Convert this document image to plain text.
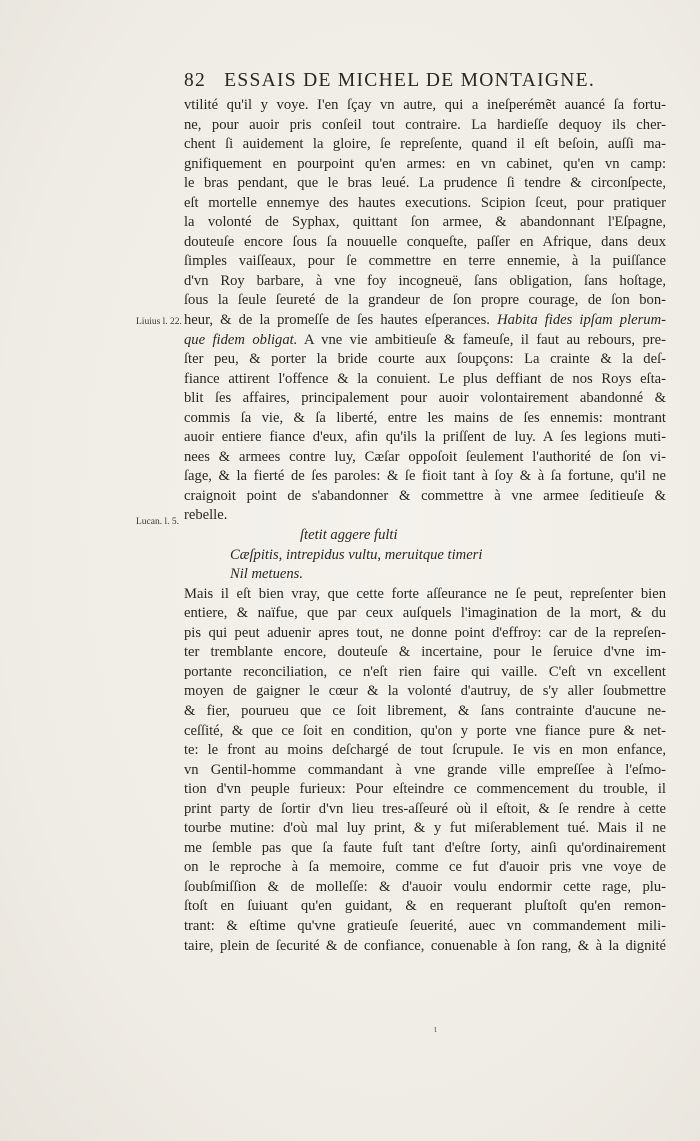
82 ESSAIS DE MICHEL DE MONTAIGNE.
Liuius l. 22.
Lucan. l. 5.
vtilité qu'il y voye. I'en ſçay vn autre, qui a ineſperémẽt auancé ſa fortu-
ne, pour auoir pris conſeil tout contraire. La hardieſſe dequoy ils cher-
chent ſi auidement la gloire, ſe repreſente, quand il eſt beſoin, auſſi ma-
gnifiquement en pourpoint qu'en armes: en vn cabinet, qu'en vn camp:
le bras pendant, que le bras leué. La prudence ſi tendre & circonſpecte,
eſt mortelle ennemye des hautes executions. Scipion ſceut, pour pratiquer
la volonté de Syphax, quittant ſon armee, & abandonnant l'Eſpagne,
douteuſe encore ſous ſa nouuelle conqueſte, paſſer en Afrique, dans deux
ſimples vaiſſeaux, pour ſe commettre en terre ennemie, à la puiſſance
d'vn Roy barbare, à vne foy incogneuë, ſans obligation, ſans hoſtage,
ſous la ſeule ſeureté de la grandeur de ſon propre courage, de ſon bon-
heur, & de la promeſſe de ſes hautes eſperances. Habita fides ipſam plerum-
que fidem obligat. A vne vie ambitieuſe & fameuſe, il faut au rebours, pre-
ſter peu, & porter la bride courte aux ſoupçons: La crainte & la deſ-
fiance attirent l'offence & la conuient. Le plus deffiant de nos Roys eſta-
blit ſes affaires, principalement pour auoir volontairement abandonné &
commis ſa vie, & ſa liberté, entre les mains de ſes ennemis: montrant
auoir entiere fiance d'eux, afin qu'ils la priſſent de luy. A ſes legions muti-
nees & armees contre luy, Cæſar oppoſoit ſeulement l'authorité de ſon vi-
ſage, & la fierté de ſes paroles: & ſe fioit tant à ſoy & à ſa fortune, qu'il ne
craignoit point de s'abandonner & commettre à vne armee ſeditieuſe &
rebelle.
ſtetit aggere fulti
Cæſpitis, intrepidus vultu, meruitque timeri
Nil metuens.
Mais il eſt bien vray, que cette forte aſſeurance ne ſe peut, repreſenter bien
entiere, & naïfue, que par ceux auſquels l'imagination de la mort, & du
pis qui peut aduenir apres tout, ne donne point d'effroy: car de la repreſen-
ter tremblante encore, douteuſe & incertaine, pour le ſeruice d'vne im-
portante reconciliation, ce n'eſt rien faire qui vaille. C'eſt vn excellent
moyen de gaigner le cœur & la volonté d'autruy, de s'y aller ſoubmettre
& fier, pourueu que ce ſoit librement, & ſans contrainte d'aucune ne-
ceſſité, & que ce ſoit en condition, qu'on y porte vne fiance pure & net-
te: le front au moins deſchargé de tout ſcrupule. Ie vis en mon enfance,
vn Gentil-homme commandant à vne grande ville empreſſee à l'eſmo-
tion d'vn peuple furieux: Pour eſteindre ce commencement du trouble, il
print party de ſortir d'vn lieu tres-aſſeuré où il eſtoit, & ſe rendre à cette
tourbe mutine: d'où mal luy print, & y fut miſerablement tué. Mais il ne
me ſemble pas que ſa faute fuſt tant d'eſtre ſorty, ainſi qu'ordinairement
on le reproche à ſa memoire, comme ce fut d'auoir pris vne voye de
ſoubſmiſſion & de molleſſe: & d'auoir voulu endormir cette rage, plu-
ſtoſt en ſuiuant qu'en guidant, & en requerant pluſtoſt qu'en remon-
trant: & eſtime qu'vne gratieuſe ſeuerité, auec vn commandement mili-
taire, plein de ſecurité & de confiance, conuenable à ſon rang, & à la dignité
ɩ
